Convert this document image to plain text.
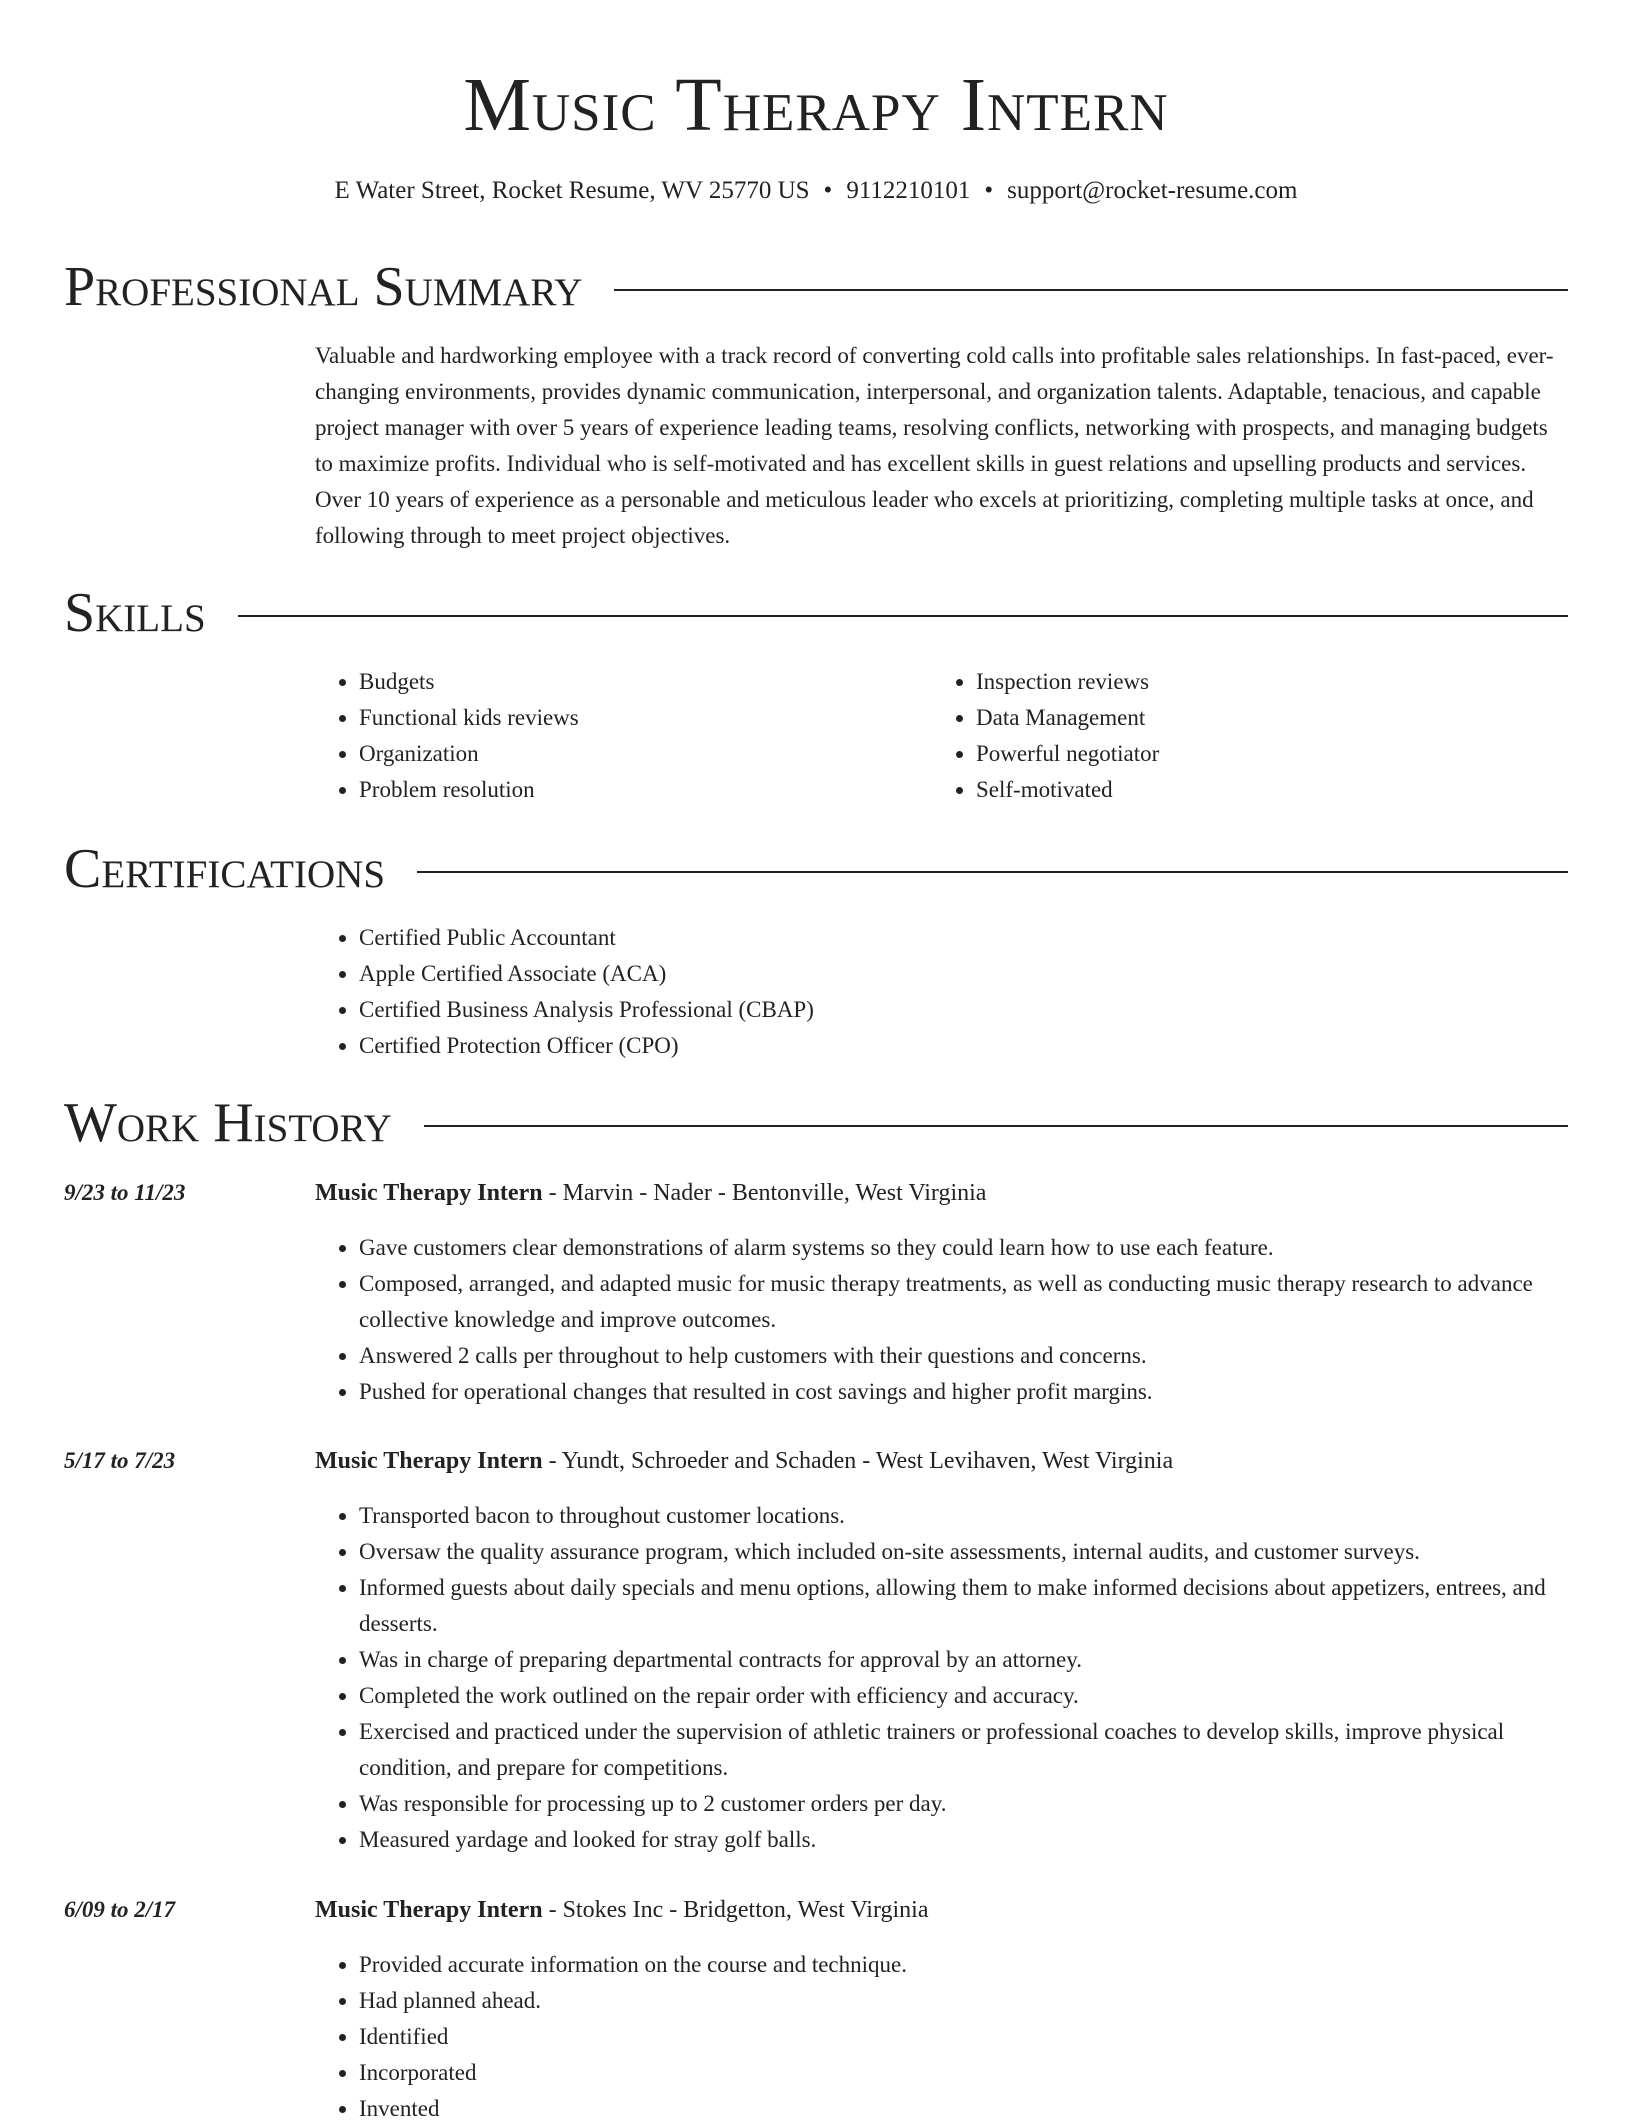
Music Therapy Intern
E Water Street, Rocket Resume, WV 25770 US • 9112210101 • support@rocket-resume.com
Professional Summary
Valuable and hardworking employee with a track record of converting cold calls into profitable sales relationships. In fast-paced, ever-changing environments, provides dynamic communication, interpersonal, and organization talents. Adaptable, tenacious, and capable project manager with over 5 years of experience leading teams, resolving conflicts, networking with prospects, and managing budgets to maximize profits. Individual who is self-motivated and has excellent skills in guest relations and upselling products and services. Over 10 years of experience as a personable and meticulous leader who excels at prioritizing, completing multiple tasks at once, and following through to meet project objectives.
Skills
• Budgets
• Functional kids reviews
• Organization
• Problem resolution
• Inspection reviews
• Data Management
• Powerful negotiator
• Self-motivated
Certifications
• Certified Public Accountant
• Apple Certified Associate (ACA)
• Certified Business Analysis Professional (CBAP)
• Certified Protection Officer (CPO)
Work History
9/23 to 11/23	Music Therapy Intern - Marvin - Nader - Bentonville, West Virginia
• Gave customers clear demonstrations of alarm systems so they could learn how to use each feature.
• Composed, arranged, and adapted music for music therapy treatments, as well as conducting music therapy research to advance collective knowledge and improve outcomes.
• Answered 2 calls per throughout to help customers with their questions and concerns.
• Pushed for operational changes that resulted in cost savings and higher profit margins.
5/17 to 7/23	Music Therapy Intern - Yundt, Schroeder and Schaden - West Levihaven, West Virginia
• Transported bacon to throughout customer locations.
• Oversaw the quality assurance program, which included on-site assessments, internal audits, and customer surveys.
• Informed guests about daily specials and menu options, allowing them to make informed decisions about appetizers, entrees, and desserts.
• Was in charge of preparing departmental contracts for approval by an attorney.
• Completed the work outlined on the repair order with efficiency and accuracy.
• Exercised and practiced under the supervision of athletic trainers or professional coaches to develop skills, improve physical condition, and prepare for competitions.
• Was responsible for processing up to 2 customer orders per day.
• Measured yardage and looked for stray golf balls.
6/09 to 2/17	Music Therapy Intern - Stokes Inc - Bridgetton, West Virginia
• Provided accurate information on the course and technique.
• Had planned ahead.
• Identified
• Incorporated
• Invented
